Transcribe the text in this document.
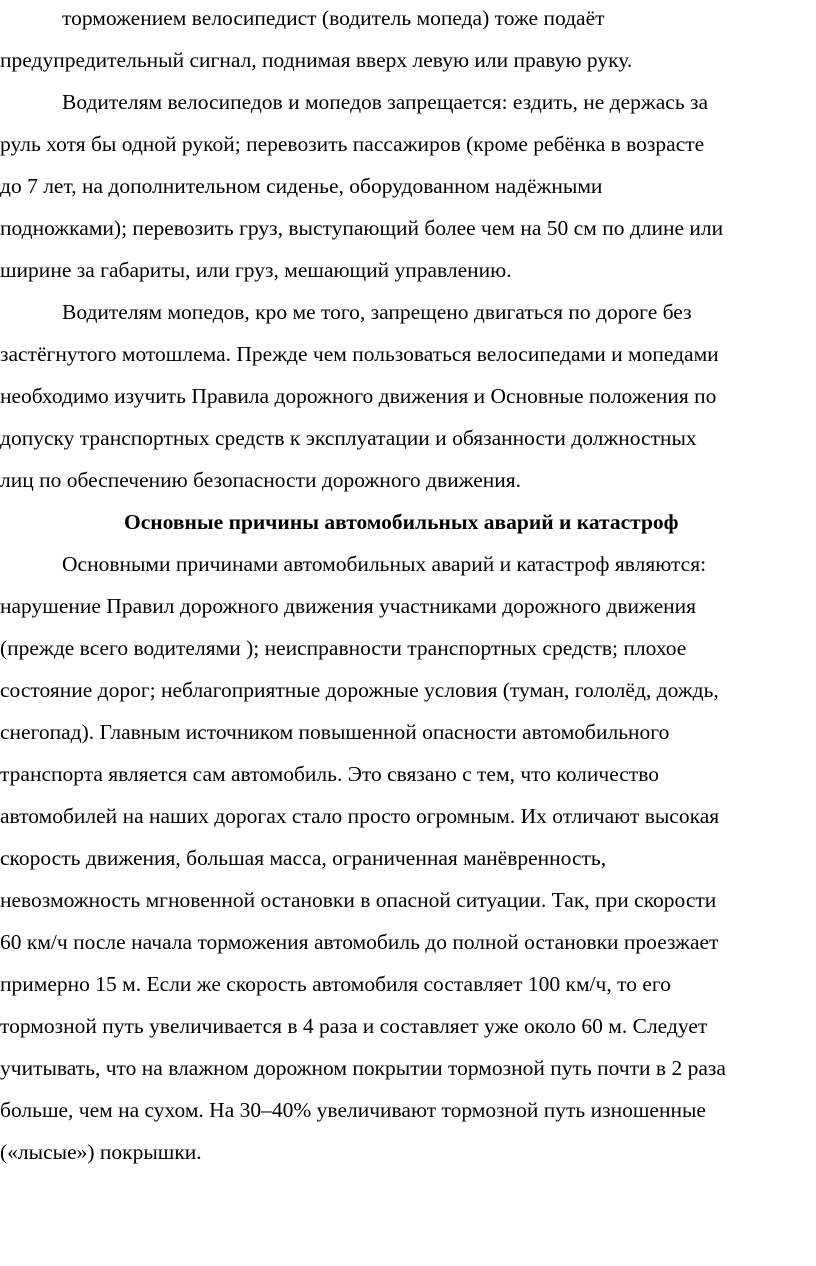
торможением велосипедист (водитель мопеда) тоже подаёт
предупредительный сигнал, поднимая вверх левую или правую руку.
Водителям велосипедов и мопедов запрещается: ездить, не держась за
руль хотя бы одной рукой; перевозить пассажиров (кроме ребёнка в возрасте
до 7 лет, на дополнительном сиденье, оборудованном надёжными
подножками); перевозить груз, выступающий более чем на 50 см по длине или
ширине за габариты, или груз, мешающий управлению.
Водителям мопедов, кро ме того, запрещено двигаться по дороге без
застёгнутого мотошлема. Прежде чем пользоваться велосипедами и мопедами
необходимо изучить Правила дорожного движения и Основные положения по
допуску транспортных средств к эксплуатации и обязанности должностных
лиц по обеспечению безопасности дорожного движения.
Основные причины автомобильных аварий и катастроф
Основными причинами автомобильных аварий и катастроф являются:
нарушение Правил дорожного движения участниками дорожного движения
(прежде всего водителями ); неисправности транспортных средств; плохое
состояние дорог; неблагоприятные дорожные условия (туман, гололёд, дождь,
снегопад). Главным источником повышенной опасности автомобильного
транспорта является сам автомобиль. Это связано с тем, что количество
автомобилей на наших дорогах стало просто огромным. Их отличают высокая
скорость движения, большая масса, ограниченная манёвренность,
невозможность мгновенной остановки в опасной ситуации. Так, при скорости
60 км/ч после начала торможения автомобиль до полной остановки проезжает
примерно 15 м. Если же скорость автомобиля составляет 100 км/ч, то его
тормозной путь увеличивается в 4 раза и составляет уже около 60 м. Следует
учитывать, что на влажном дорожном покрытии тормозной путь почти в 2 раза
больше, чем на сухом. На 30–40% увеличивают тормозной путь изношенные
(«лысые») покрышки.
